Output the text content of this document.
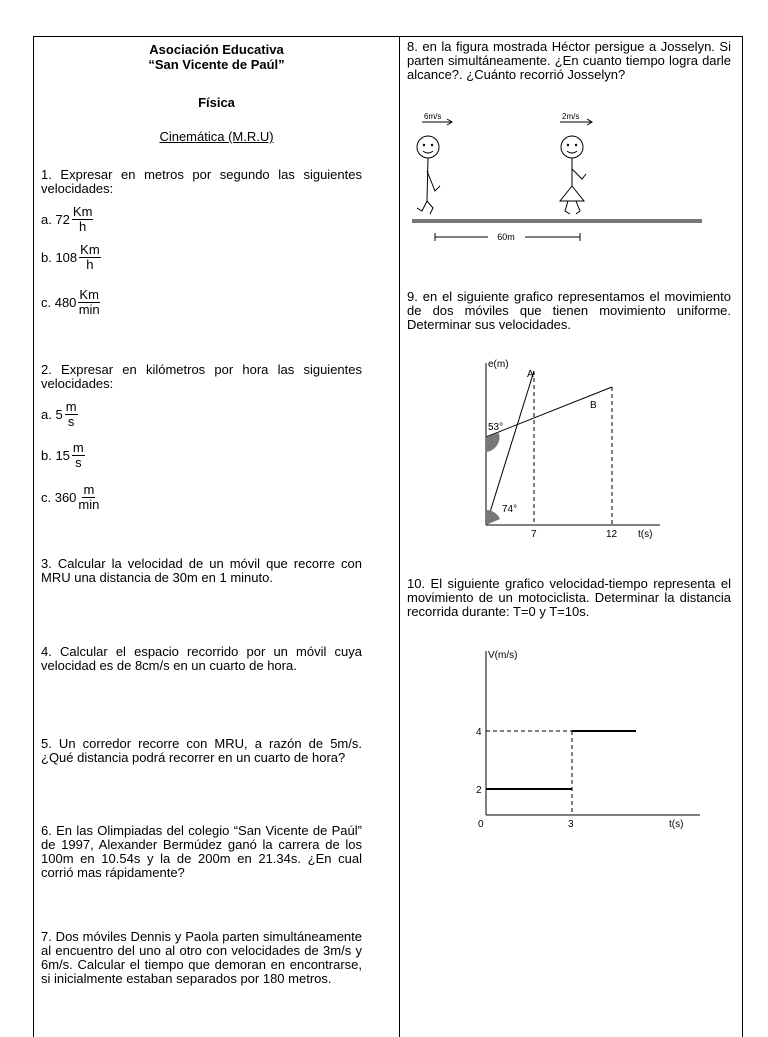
Asociación Educativa
“San Vicente de Paúl”
Física
Cinemática (M.R.U)
1. Expresar en metros por segundo las siguientes velocidades:
a. $72 \frac{Km}{h}$
b. $108 \frac{Km}{h}$
c. $480 \frac{Km}{\min}$
2. Expresar en kilómetros por hora las siguientes velocidades:
a. $5 \frac{m}{s}$
b. $15 \frac{m}{s}$
c. $360 \frac{m}{\min}$
3. Calcular la velocidad de un móvil que recorre con MRU una distancia de 30m en 1 minuto.
4. Calcular el espacio recorrido por un móvil cuya velocidad es de 8cm/s en un cuarto de hora.
5. Un corredor recorre con MRU, a razón de 5m/s. ¿Qué distancia podrá recorrer en un cuarto de hora?
6. En las Olimpiadas del colegio “San Vicente de Paúl” de 1997, Alexander Bermúdez ganó la carrera de los 100m en 10.54s y la de 200m en 21.34s. ¿En cual corrió mas rápidamente?
7. Dos móviles Dennis y Paola parten simultáneamente al encuentro del uno al otro con velocidades de 3m/s y 6m/s. Calcular el tiempo que demoran en encontrarse, si inicialmente estaban separados por 180 metros.
8. en la figura mostrada Héctor persigue a Josselyn. Si parten simultáneamente. ¿En cuanto tiempo logra darle alcance?. ¿Cuánto recorrió Josselyn?
6m/s	2m/s
60m
9. en el siguiente grafico representamos el movimiento de dos móviles que tienen movimiento uniforme. Determinar sus velocidades.
e(m)
t(s)
A
B
53°
74°
7	12
10. El siguiente grafico velocidad-tiempo representa el movimiento de un motociclista. Determinar la distancia recorrida durante: T=0 y T=10s.
V(m/s)
t(s)
4
2
0	3
